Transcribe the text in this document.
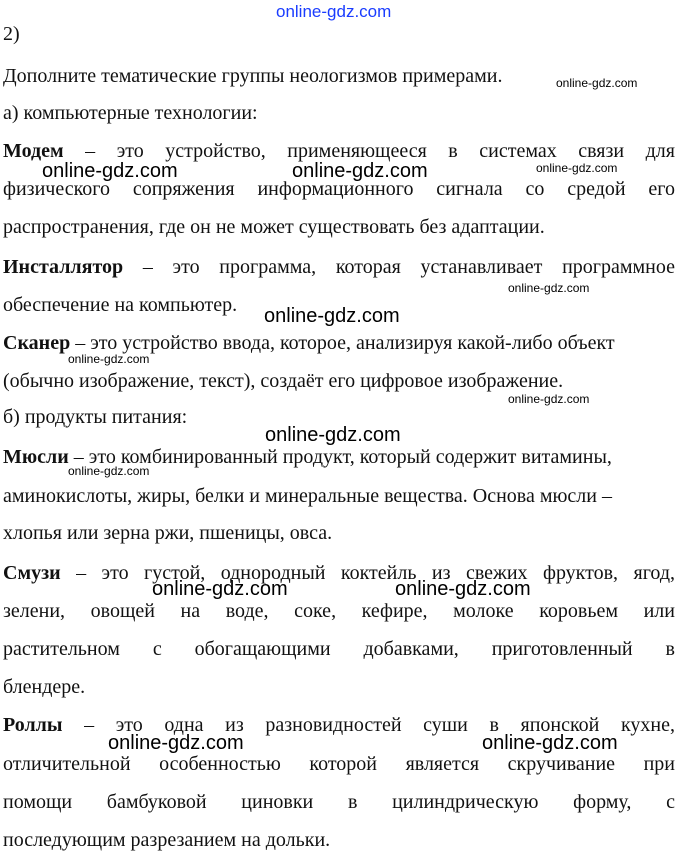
online-gdz.com
2)
Дополните тематические группы неологизмов примерами.
а) компьютерные технологии:
Модем – это устройство, применяющееся в системах связи для
физического сопряжения информационного сигнала со средой его
распространения, где он не может существовать без адаптации.
Инсталлятор – это программа, которая устанавливает программное
обеспечение на компьютер.
Сканер – это устройство ввода, которое, анализируя какой-либо объект
(обычно изображение, текст), создаёт его цифровое изображение.
б) продукты питания:
Мюсли – это комбинированный продукт, который содержит витамины,
аминокислоты, жиры, белки и минеральные вещества. Основа мюсли –
хлопья или зерна ржи, пшеницы, овса.
Смузи – это густой, однородный коктейль из свежих фруктов, ягод,
зелени, овощей на воде, соке, кефире, молоке коровьем или
растительном с обогащающими добавками, приготовленный в
блендере.
Роллы – это одна из разновидностей суши в японской кухне,
отличительной особенностью которой является скручивание при
помощи бамбуковой циновки в цилиндрическую форму, с
последующим разрезанием на дольки.
online-gdz.com
online-gdz.com	online-gdz.com	online-gdz.com
online-gdz.com
online-gdz.com
online-gdz.com
online-gdz.com
online-gdz.com
online-gdz.com
online-gdz.com	online-gdz.com
online-gdz.com	online-gdz.com
